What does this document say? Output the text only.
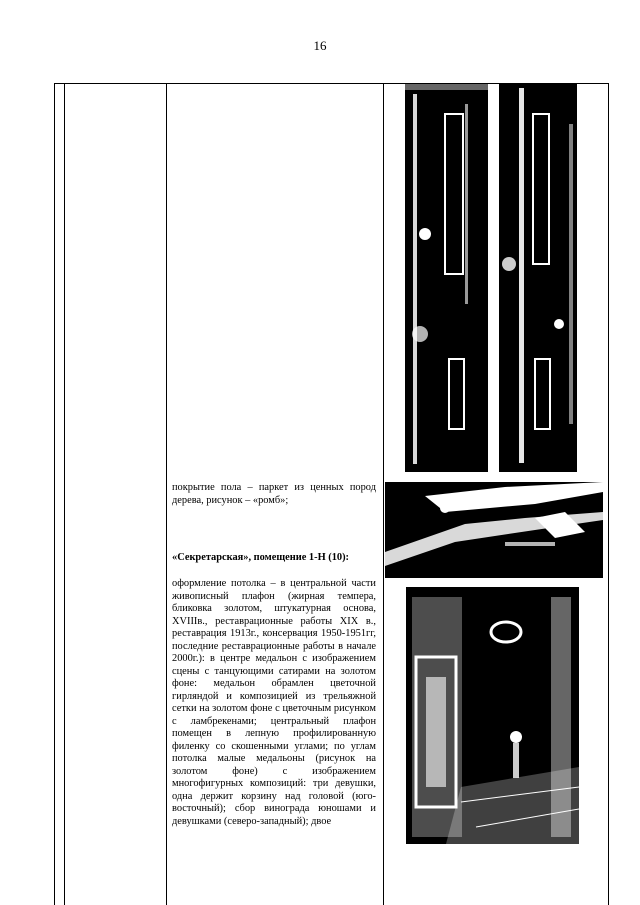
16
покрытие пола – паркет из ценных пород дерева, рисунок – «ромб»;
«Секретарская», помещение 1-Н (10):
оформление потолка – в центральной части живописный плафон (жирная темпера, бликовка золотом, штукатурная основа, XVIIIв., реставрационные работы XIX в., реставрация 1913г., консервация 1950-1951гг, последние реставрационные работы в начале 2000г.): в центре медальон с изображением сцены с танцующими сатирами на золотом фоне: медальон обрамлен цветочной гирляндой и композицией из трельяжной сетки на золотом фоне с цветочным рисунком с ламбрекенами; центральный плафон помещен в лепную профилированную филенку со скошенными углами; по углам потолка малые медальоны (рисунок на золотом фоне) с изображением многофигурных композиций: три девушки, одна держит корзину над головой (юго-восточный); сбор винограда юношами и девушками (северо-западный); двое
